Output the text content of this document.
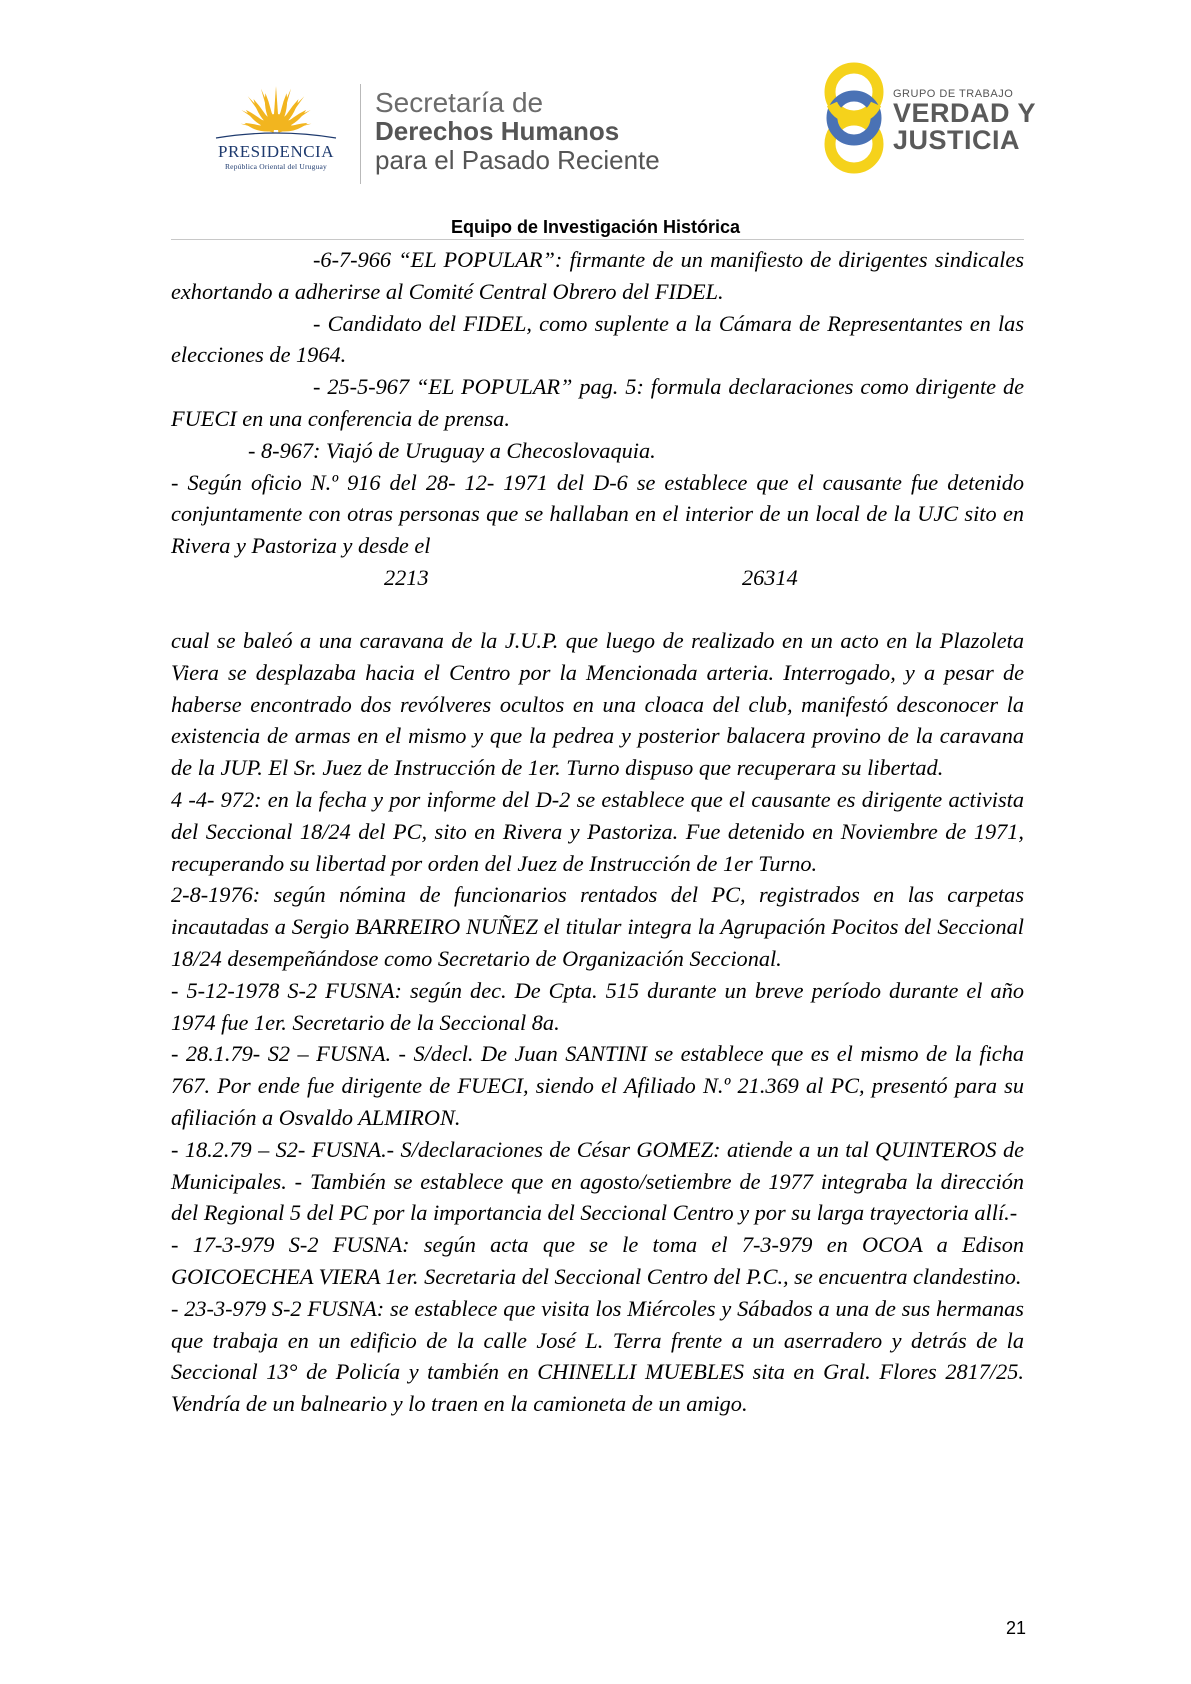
PRESIDENCIA
República Oriental del Uruguay
Secretaría de
Derechos Humanos
para el Pasado Reciente
GRUPO DE TRABAJO
VERDAD Y
JUSTICIA
Equipo de Investigación Histórica

-6-7-966 “EL POPULAR”: firmante de un manifiesto de dirigentes sindicales exhortando a adherirse al Comité Central Obrero del FIDEL.

- Candidato del FIDEL, como suplente a la Cámara de Representantes en las elecciones de 1964.

- 25-5-967 “EL POPULAR” pag. 5: formula declaraciones como dirigente de FUECI en una conferencia de prensa.

- 8-967: Viajó de Uruguay a Checoslovaquia.

- Según oficio N.º 916 del 28- 12- 1971 del D-6 se establece que el causante fue detenido conjuntamente con otras personas que se hallaban en el interior de un local de la UJC sito en Rivera y Pastoriza y desde el

2213	26314

cual se baleó a una caravana de la J.U.P. que luego de realizado en un acto en la Plazoleta Viera se desplazaba hacia el Centro por la Mencionada arteria. Interrogado, y a pesar de haberse encontrado dos revólveres ocultos en una cloaca del club, manifestó desconocer la existencia de armas en el mismo y que la pedrea y posterior balacera provino de la caravana de la JUP. El Sr. Juez de Instrucción de 1er. Turno dispuso que recuperara su libertad.

4 -4- 972: en la fecha y por informe del D-2 se establece que el causante es dirigente activista del Seccional 18/24 del PC, sito en Rivera y Pastoriza. Fue detenido en Noviembre de 1971, recuperando su libertad por orden del Juez de Instrucción de 1er Turno.

2-8-1976: según nómina de funcionarios rentados del PC, registrados en las carpetas incautadas a Sergio BARREIRO NUÑEZ el titular integra la Agrupación Pocitos del Seccional 18/24 desempeñándose como Secretario de Organización Seccional.

- 5-12-1978 S-2 FUSNA: según dec. De Cpta. 515 durante un breve período durante el año 1974 fue 1er. Secretario de la Seccional 8a.

- 28.1.79- S2 – FUSNA. - S/decl. De Juan SANTINI se establece que es el mismo de la ficha 767. Por ende fue dirigente de FUECI, siendo el Afiliado N.º 21.369 al PC, presentó para su afiliación a Osvaldo ALMIRON.

- 18.2.79 – S2- FUSNA.- S/declaraciones de César GOMEZ: atiende a un tal QUINTEROS de Municipales. - También se establece que en agosto/setiembre de 1977 integraba la dirección del Regional 5 del PC por la importancia del Seccional Centro y por su larga trayectoria allí.-

- 17-3-979 S-2 FUSNA: según acta que se le toma el 7-3-979 en OCOA a Edison GOICOECHEA VIERA 1er. Secretaria del Seccional Centro del P.C., se encuentra clandestino.

- 23-3-979 S-2 FUSNA: se establece que visita los Miércoles y Sábados a una de sus hermanas que trabaja en un edificio de la calle José L. Terra frente a un aserradero y detrás de la Seccional 13° de Policía y también en CHINELLI MUEBLES sita en Gral. Flores 2817/25. Vendría de un balneario y lo traen en la camioneta de un amigo.

21
